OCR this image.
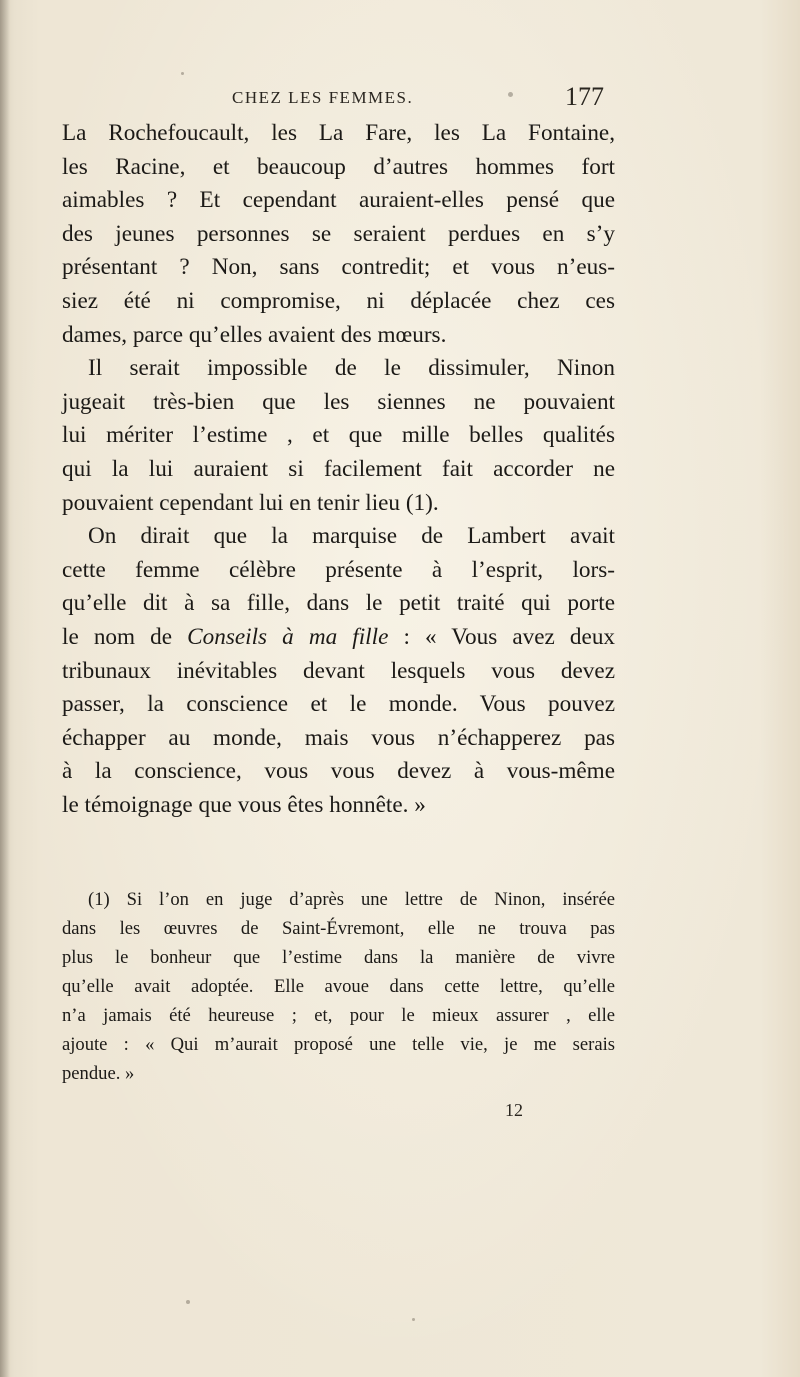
CHEZ LES FEMMES.	177
La Rochefoucault, les La Fare, les La Fontaine,
les Racine, et beaucoup d’autres hommes fort
aimables ? Et cependant auraient-elles pensé que
des jeunes personnes se seraient perdues en s’y
présentant ? Non, sans contredit; et vous n’eus-
siez été ni compromise, ni déplacée chez ces
dames, parce qu’elles avaient des mœurs.
Il serait impossible de le dissimuler, Ninon
jugeait très-bien que les siennes ne pouvaient
lui mériter l’estime , et que mille belles qualités
qui la lui auraient si facilement fait accorder ne
pouvaient cependant lui en tenir lieu (1).
On dirait que la marquise de Lambert avait
cette femme célèbre présente à l’esprit, lors-
qu’elle dit à sa fille, dans le petit traité qui porte
le nom de Conseils à ma fille : « Vous avez deux
tribunaux inévitables devant lesquels vous devez
passer, la conscience et le monde. Vous pouvez
échapper au monde, mais vous n’échapperez pas
à la conscience, vous vous devez à vous-même
le témoignage que vous êtes honnête. »
(1) Si l’on en juge d’après une lettre de Ninon, insérée
dans les œuvres de Saint-Évremont, elle ne trouva pas
plus le bonheur que l’estime dans la manière de vivre
qu’elle avait adoptée. Elle avoue dans cette lettre, qu’elle
n’a jamais été heureuse ; et, pour le mieux assurer , elle
ajoute : « Qui m’aurait proposé une telle vie, je me serais
pendue. »
12
